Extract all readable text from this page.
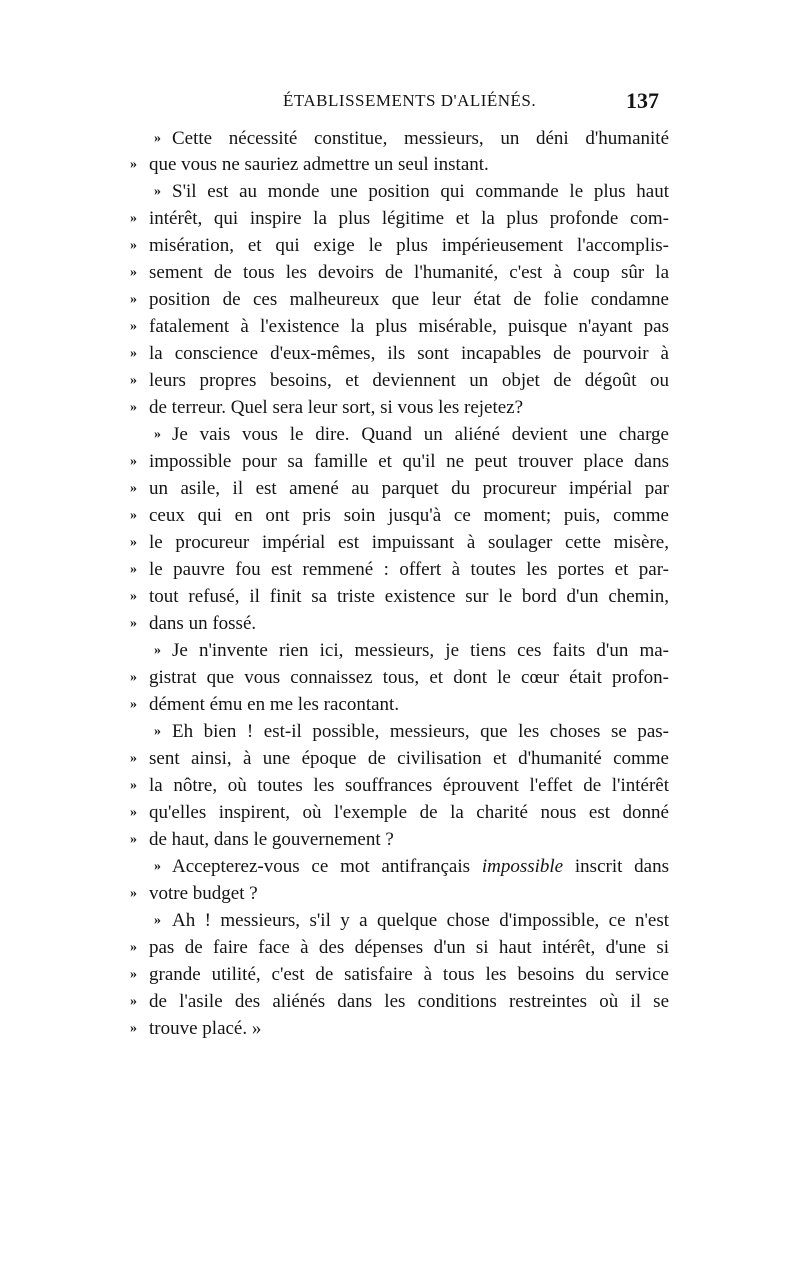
ÉTABLISSEMENTS D'ALIÉNÉS.	137
» Cette nécessité constitue, messieurs, un déni d'humanité
» que vous ne sauriez admettre un seul instant.
» S'il est au monde une position qui commande le plus haut
» intérêt, qui inspire la plus légitime et la plus profonde com-
» misération, et qui exige le plus impérieusement l'accomplis-
» sement de tous les devoirs de l'humanité, c'est à coup sûr la
» position de ces malheureux que leur état de folie condamne
» fatalement à l'existence la plus misérable, puisque n'ayant pas
» la conscience d'eux-mêmes, ils sont incapables de pourvoir à
» leurs propres besoins, et deviennent un objet de dégoût ou
» de terreur. Quel sera leur sort, si vous les rejetez?
» Je vais vous le dire. Quand un aliéné devient une charge
» impossible pour sa famille et qu'il ne peut trouver place dans
» un asile, il est amené au parquet du procureur impérial par
» ceux qui en ont pris soin jusqu'à ce moment; puis, comme
» le procureur impérial est impuissant à soulager cette misère,
» le pauvre fou est remmené : offert à toutes les portes et par-
» tout refusé, il finit sa triste existence sur le bord d'un chemin,
» dans un fossé.
» Je n'invente rien ici, messieurs, je tiens ces faits d'un ma-
» gistrat que vous connaissez tous, et dont le cœur était profon-
» dément ému en me les racontant.
» Eh bien ! est-il possible, messieurs, que les choses se pas-
» sent ainsi, à une époque de civilisation et d'humanité comme
» la nôtre, où toutes les souffrances éprouvent l'effet de l'intérêt
» qu'elles inspirent, où l'exemple de la charité nous est donné
» de haut, dans le gouvernement ?
» Accepterez-vous ce mot antifrançais impossible inscrit dans
» votre budget ?
» Ah ! messieurs, s'il y a quelque chose d'impossible, ce n'est
» pas de faire face à des dépenses d'un si haut intérêt, d'une si
» grande utilité, c'est de satisfaire à tous les besoins du service
» de l'asile des aliénés dans les conditions restreintes où il se
» trouve placé. »
